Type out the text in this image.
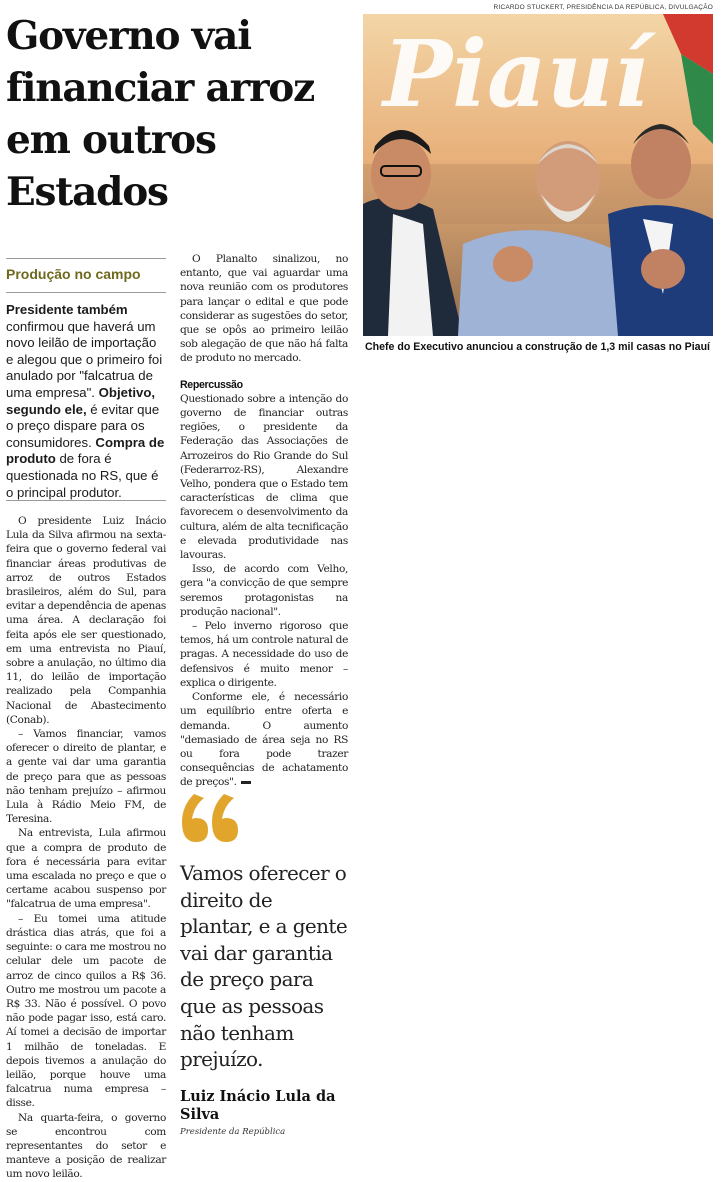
Governo vai
financiar arroz
em outros
Estados
Produção no campo
Presidente também confirmou que haverá um novo leilão de importação e alegou que o primeiro foi anulado por "falcatrua de uma empresa". Objetivo, segundo ele, é evitar que o preço dispare para os consumidores. Compra de produto de fora é questionada no RS, que é o principal produtor.

O presidente Luiz Inácio Lula da Silva afirmou na sexta-feira que o governo federal vai financiar áreas produtivas de arroz de outros Estados brasileiros, além do Sul, para evitar a dependência de apenas uma área. A declaração foi feita após ele ser questionado, em uma entrevista no Piauí, sobre a anulação, no último dia 11, do leilão de importação realizado pela Companhia Nacional de Abastecimento (Conab).

– Vamos financiar, vamos oferecer o direito de plantar, e a gente vai dar uma garantia de preço para que as pessoas não tenham prejuízo – afirmou Lula à Rádio Meio FM, de Teresina.

Na entrevista, Lula afirmou que a compra de produto de fora é necessária para evitar uma escalada no preço e que o certame acabou suspenso por "falcatrua de uma empresa".

– Eu tomei uma atitude drástica dias atrás, que foi a seguinte: o cara me mostrou no celular dele um pacote de arroz de cinco quilos a R$ 36. Outro me mostrou um pacote a R$ 33. Não é possível. O povo não pode pagar isso, está caro. Aí tomei a decisão de importar 1 milhão de toneladas. E depois tivemos a anulação do leilão, porque houve uma falcatrua numa empresa – disse.

Na quarta-feira, o governo se encontrou com representantes do setor e manteve a posição de realizar um novo leilão.

O Planalto sinalizou, no entanto, que vai aguardar uma nova reunião com os produtores para lançar o edital e que pode considerar as sugestões do setor, que se opôs ao primeiro leilão sob alegação de que não há falta de produto no mercado.

Repercussão

Questionado sobre a intenção do governo de financiar outras regiões, o presidente da Federação das Associações de Arrozeiros do Rio Grande do Sul (Federarroz-RS), Alexandre Velho, pondera que o Estado tem características de clima que favorecem o desenvolvimento da cultura, além de alta tecnificação e elevada produtividade nas lavouras.

Isso, de acordo com Velho, gera "a convicção de que sempre seremos protagonistas na produção nacional".

– Pelo inverno rigoroso que temos, há um controle natural de pragas. A necessidade do uso de defensivos é muito menor – explica o dirigente.

Conforme ele, é necessário um equilíbrio entre oferta e demanda. O aumento "demasiado de área seja no RS ou fora pode trazer consequências de achatamento de preços".

RICARDO STUCKERT, PRESIDÊNCIA DA REPÚBLICA, DIVULGAÇÃO
Piauí
Chefe do Executivo anunciou a construção de 1,3 mil casas no Piauí
Vamos oferecer o direito de plantar, e a gente vai dar garantia de preço para que as pessoas não tenham prejuízo.
Luiz Inácio Lula da Silva
Presidente da República
